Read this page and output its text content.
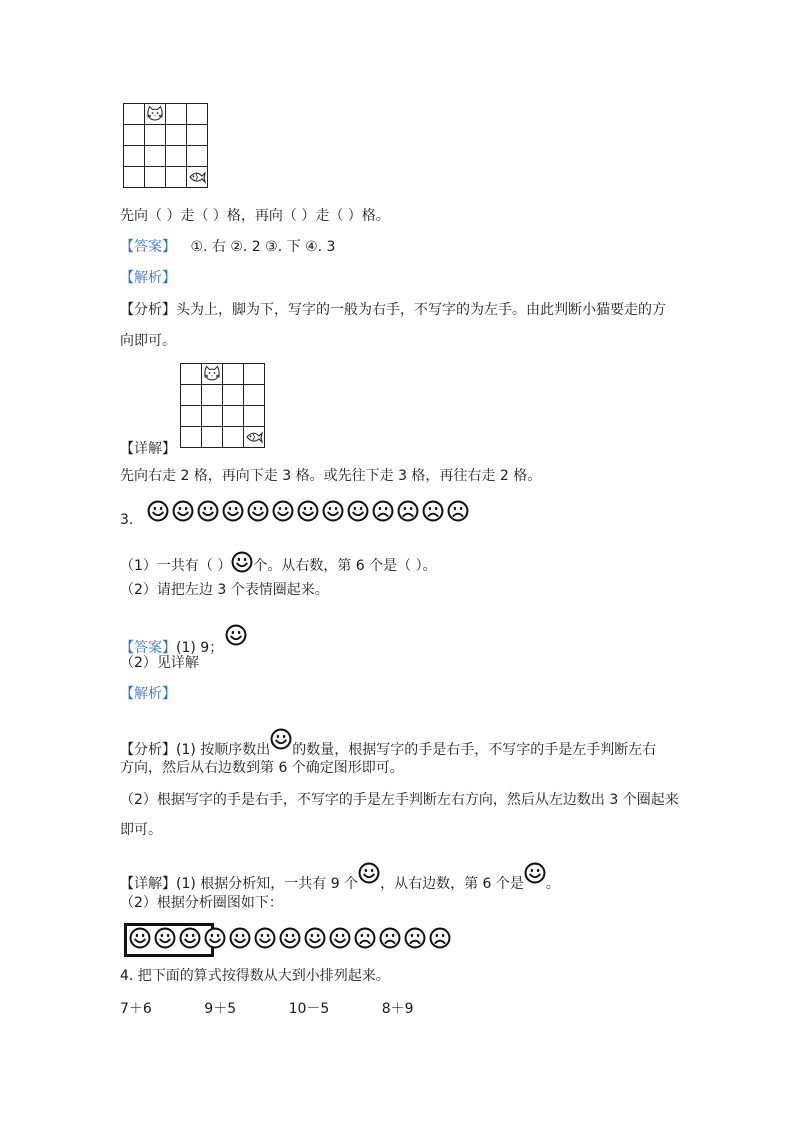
先向（ ）走（ ）格，再向（ ）走（ ）格。
【答案】 ①. 右 ②. 2 ③. 下 ④. 3
【解析】
【分析】头为上，脚为下，写字的一般为右手，不写字的为左手。由此判断小猫要走的方
向即可。

【详解】
先向右走 2 格，再向下走 3 格。或先往下走 3 格，再往右走 2 格。
3.
（1）一共有（ ） 个。从右数，第 6 个是（ ）。
（2）请把左边 3 个表情圈起来。
【答案】(1) 9；
（2）见详解
【解析】
【分析】(1) 按顺序数出 的数量，根据写字的手是右手，不写字的手是左手判断左右
方向，然后从右边数到第 6 个确定图形即可。
（2）根据写字的手是右手，不写字的手是左手判断左右方向，然后从左边数出 3 个圈起来
即可。
【详解】(1) 根据分析知，一共有 9 个 ，从右边数，第 6 个是 。
（2）根据分析圈图如下：
4. 把下面的算式按得数从大到小排列起来。
7＋6	9＋5	10－5	8＋9
